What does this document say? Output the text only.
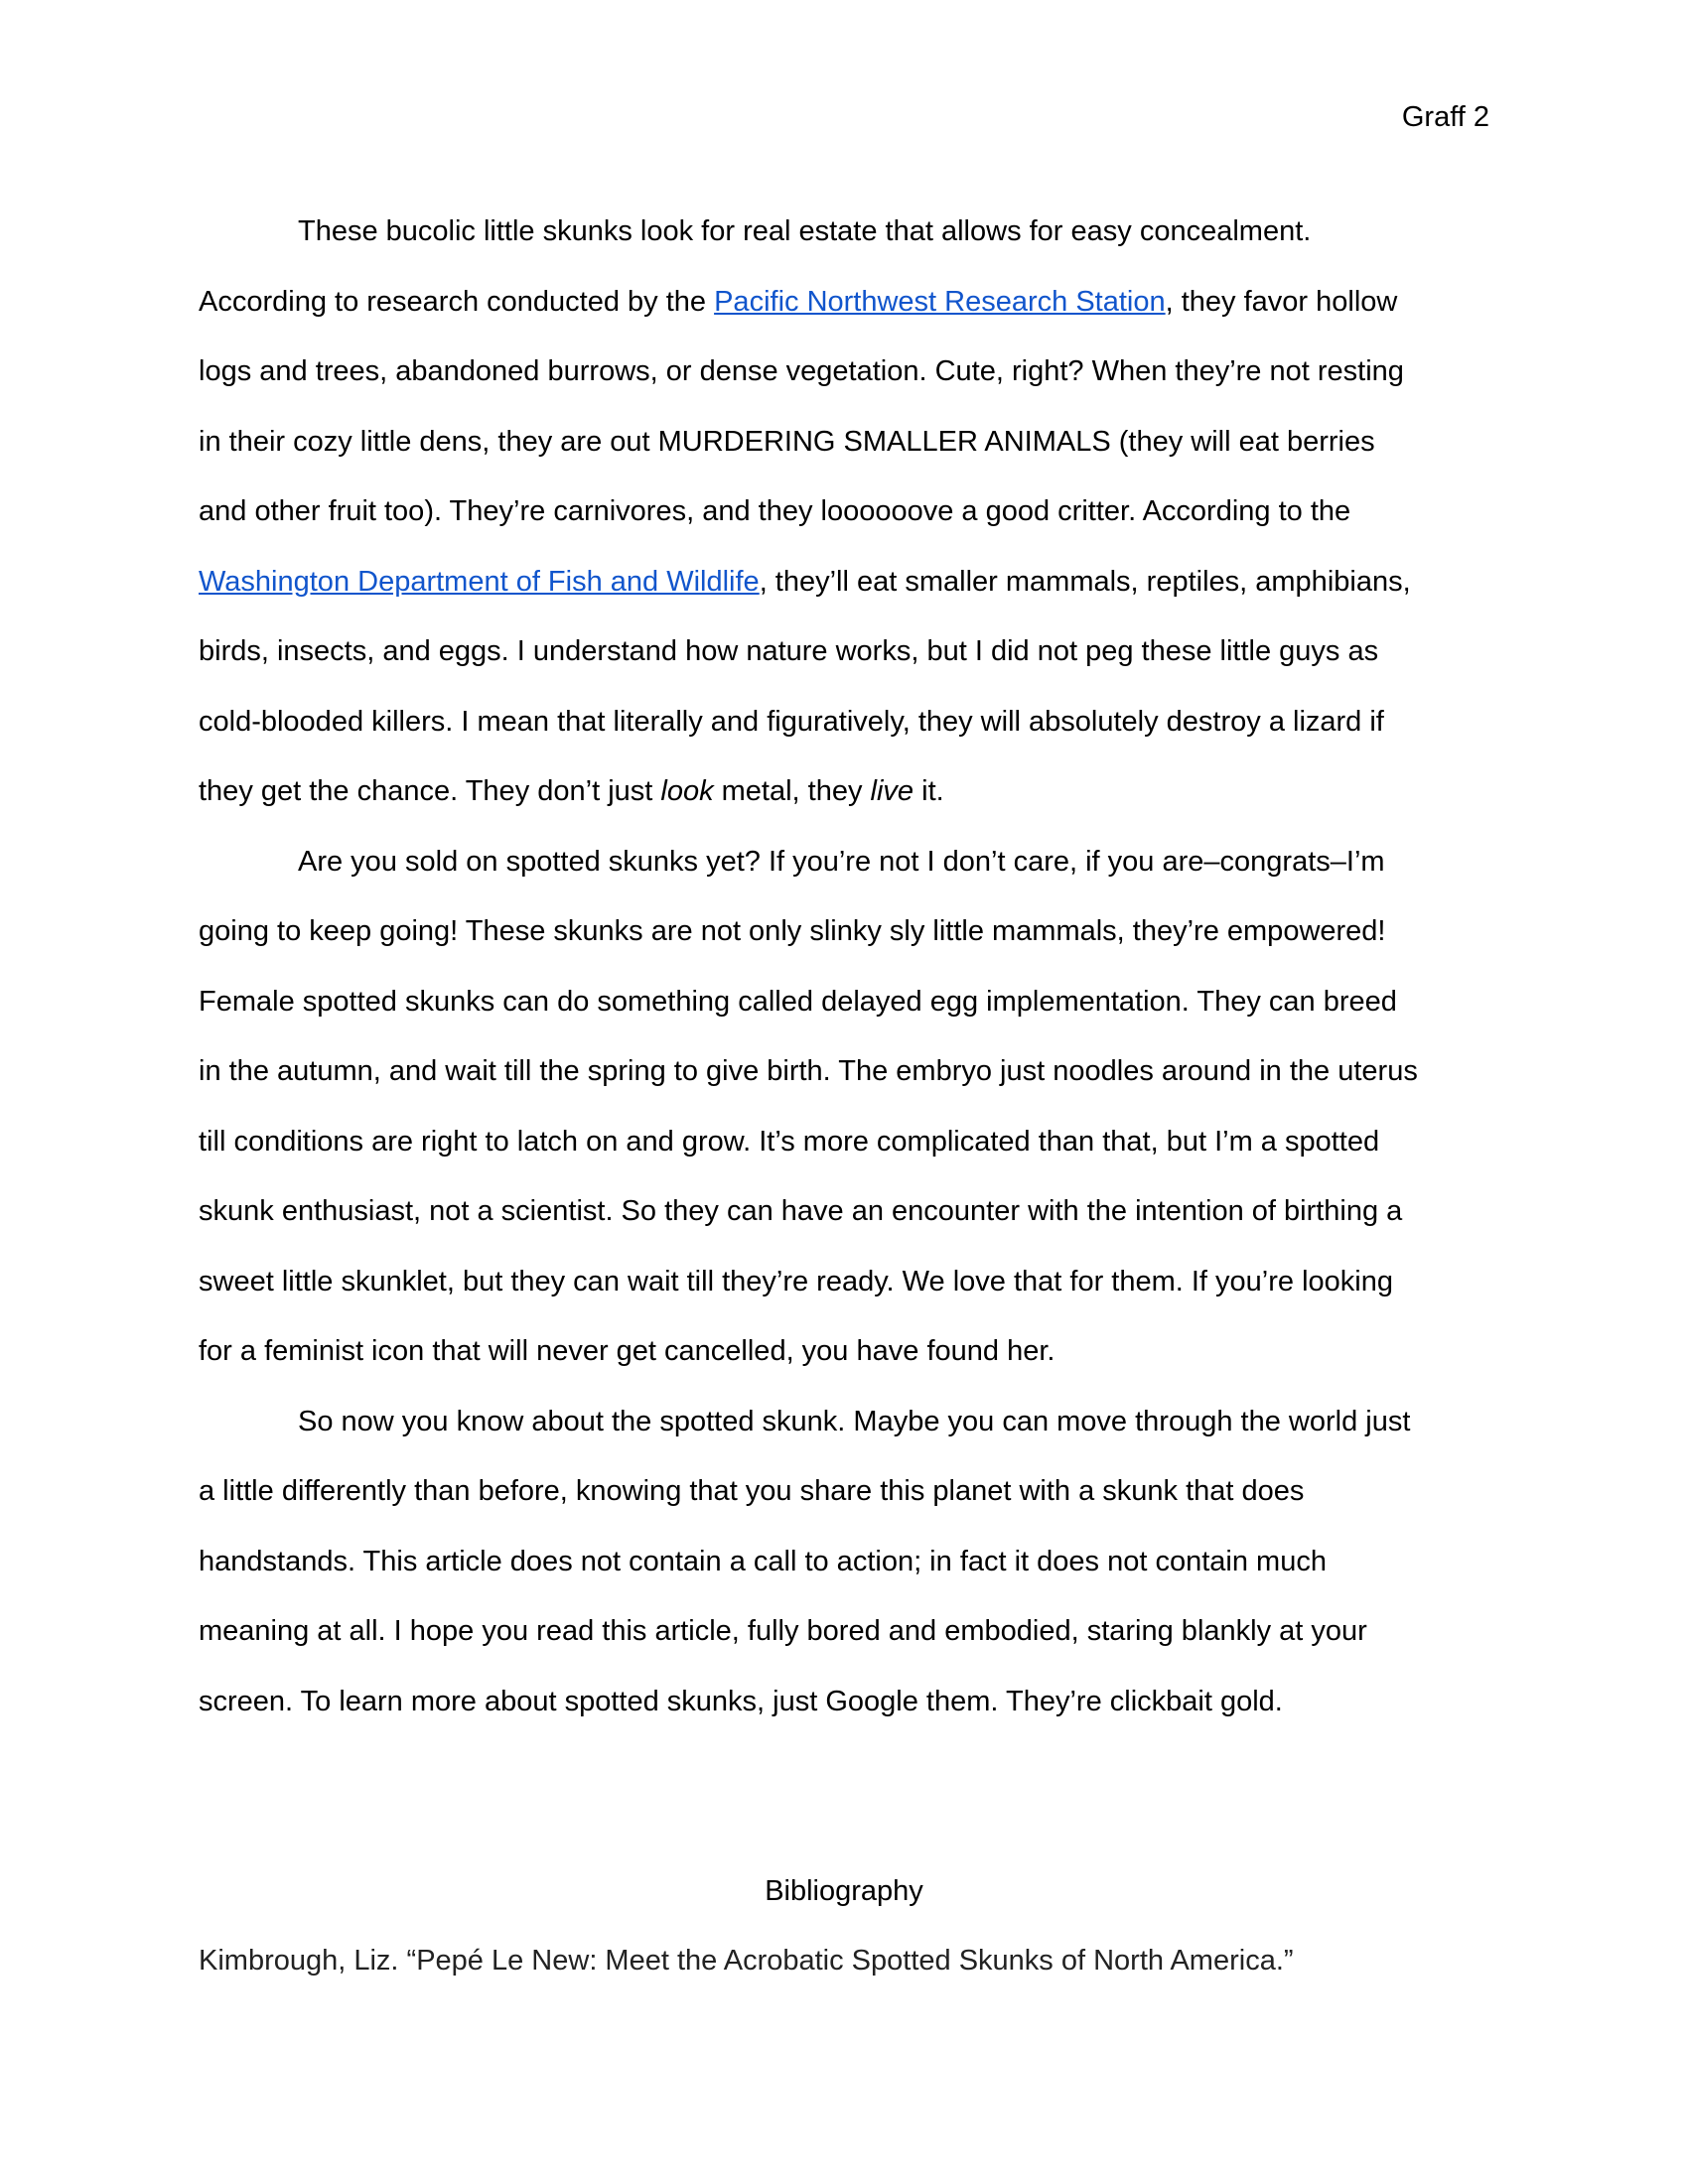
Graff 2

These bucolic little skunks look for real estate that allows for easy concealment.

According to research conducted by the Pacific Northwest Research Station, they favor hollow
logs and trees, abandoned burrows, or dense vegetation. Cute, right? When they’re not resting
in their cozy little dens, they are out MURDERING SMALLER ANIMALS (they will eat berries
and other fruit too). They’re carnivores, and they loooooove a good critter. According to the
Washington Department of Fish and Wildlife, they’ll eat smaller mammals, reptiles, amphibians,
birds, insects, and eggs. I understand how nature works, but I did not peg these little guys as
cold-blooded killers. I mean that literally and figuratively, they will absolutely destroy a lizard if
they get the chance. They don’t just look metal, they live it.

Are you sold on spotted skunks yet? If you’re not I don’t care, if you are–congrats–I’m

going to keep going! These skunks are not only slinky sly little mammals, they’re empowered!
Female spotted skunks can do something called delayed egg implementation. They can breed
in the autumn, and wait till the spring to give birth. The embryo just noodles around in the uterus
till conditions are right to latch on and grow. It’s more complicated than that, but I’m a spotted
skunk enthusiast, not a scientist. So they can have an encounter with the intention of birthing a
sweet little skunklet, but they can wait till they’re ready. We love that for them. If you’re looking
for a feminist icon that will never get cancelled, you have found her.

So now you know about the spotted skunk. Maybe you can move through the world just

a little differently than before, knowing that you share this planet with a skunk that does
handstands. This article does not contain a call to action; in fact it does not contain much
meaning at all. I hope you read this article, fully bored and embodied, staring blankly at your
screen. To learn more about spotted skunks, just Google them. They’re clickbait gold.
Bibliography
Kimbrough, Liz. “Pepé Le New: Meet the Acrobatic Spotted Skunks of North America.”
